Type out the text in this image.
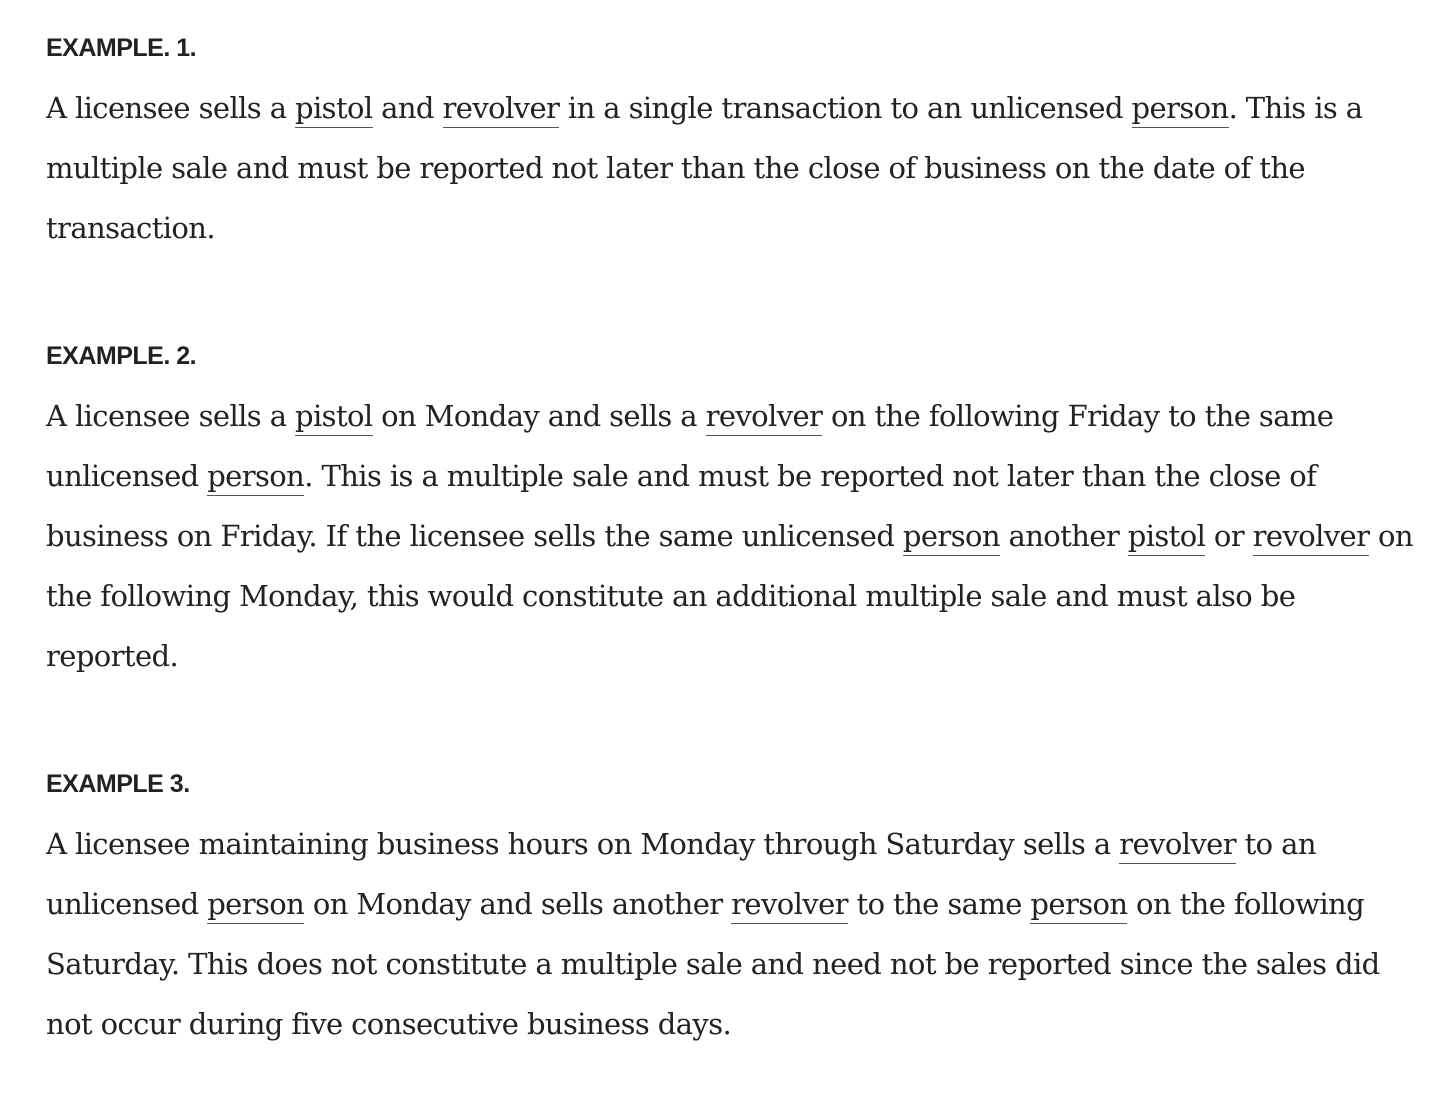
EXAMPLE. 1.

A licensee sells a pistol and revolver in a single transaction to an unlicensed person. This is a multiple sale and must be reported not later than the close of business on the date of the transaction.

EXAMPLE. 2.

A licensee sells a pistol on Monday and sells a revolver on the following Friday to the same unlicensed person. This is a multiple sale and must be reported not later than the close of business on Friday. If the licensee sells the same unlicensed person another pistol or revolver on the following Monday, this would constitute an additional multiple sale and must also be reported.

EXAMPLE 3.

A licensee maintaining business hours on Monday through Saturday sells a revolver to an unlicensed person on Monday and sells another revolver to the same person on the following Saturday. This does not constitute a multiple sale and need not be reported since the sales did not occur during five consecutive business days.
